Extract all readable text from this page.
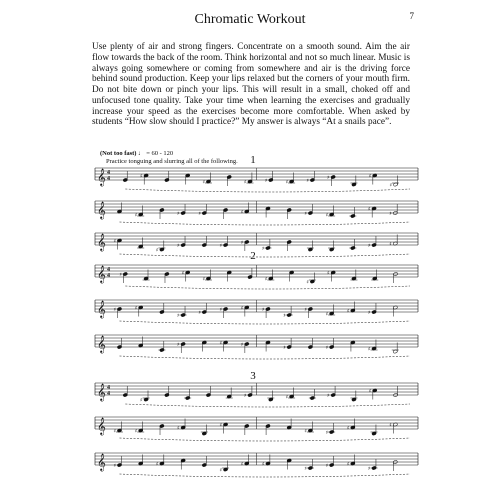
Chromatic Workout	7
Use plenty of air and strong fingers. Concentrate on a smooth sound. Aim the air flow towards the back of the room. Think horizontal and not so much linear. Music is always going somewhere or coming from somewhere and air is the driving force behind sound production. Keep your lips relaxed but the corners of your mouth firm. Do not bite down or pinch your lips. This will result in a small, choked off and unfocused tone quality. Take your time when learning the exercises and gradually increase your speed as the exercises become more comfortable. When asked by students “How slow should I practice?” My answer is always “At a snails pace”.
(Not too fast) ♩ = 60 - 120
Practice tonguing and slurring all of the following.	1
2
3
𝄞 4
4	♯
♯	♯	♯	♯	♯	♯	♯
♯
𝄞	♯	♯	♯	♯	♯	♯
♯
♯
𝄞 ♯
♯
♯	♯	♯
♯	♯	♯
𝄞 4
4 ♯	♯
♯	♯	♯
♯
𝄞 ♯	♯
♯	♯	♯	♯	♯
♯
♯
♯	♯	♯
𝄞	♯	♯	♯	♯	♯	♯
𝄞 4
4
♯
♯	♯	♯
♯
𝄞 ♯	♯	♯	♯
♯	♯
♯	♯
𝄞 ♯	♯
♯
♯	♯
♯	♯	♯
♯
